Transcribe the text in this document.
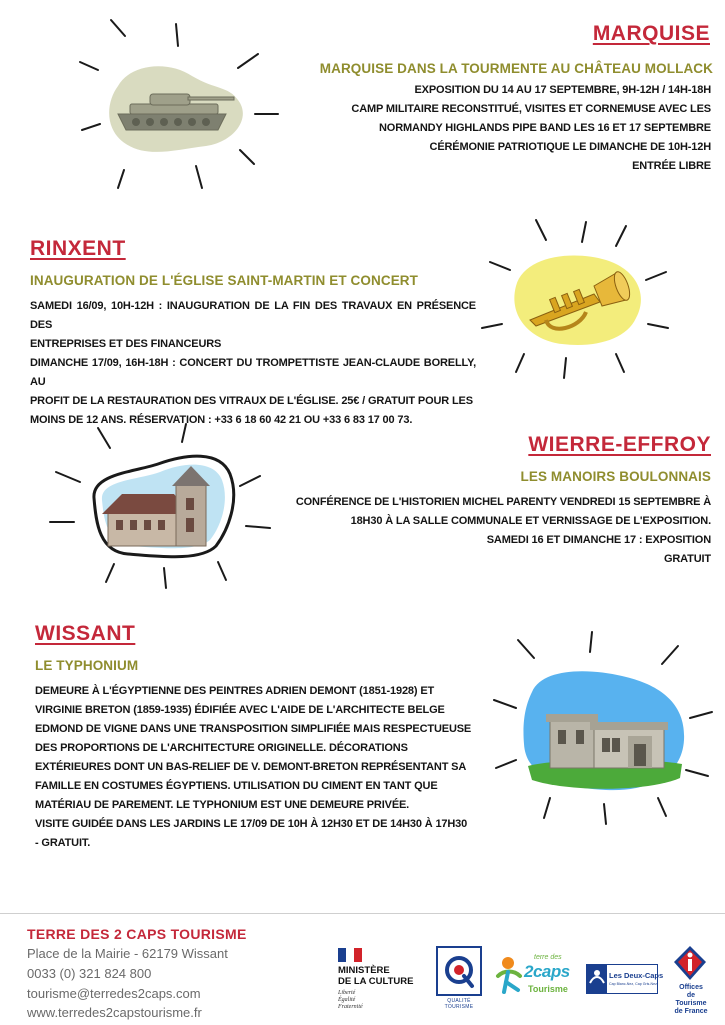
MARQUISE
MARQUISE DANS LA TOURMENTE AU CHÂTEAU MOLLACK

EXPOSITION DU 14 AU 17 SEPTEMBRE, 9H-12H / 14H-18H

CAMP MILITAIRE RECONSTITUÉ, VISITES ET CORNEMUSE AVEC LES

NORMANDY HIGHLANDS PIPE BAND LES 16 ET 17 SEPTEMBRE

CÉRÉMONIE PATRIOTIQUE LE DIMANCHE DE 10H-12H

ENTRÉE LIBRE

RINXENT
INAUGURATION DE L'ÉGLISE SAINT-MARTIN ET CONCERT

SAMEDI 16/09, 10H-12H : INAUGURATION DE LA FIN DES TRAVAUX EN PRÉSENCE DES

ENTREPRISES ET DES FINANCEURS

DIMANCHE 17/09, 16H-18H : CONCERT DU TROMPETTISTE JEAN-CLAUDE BORELLY, AU

PROFIT DE LA RESTAURATION DES VITRAUX DE L'ÉGLISE. 25€ / GRATUIT POUR LES

MOINS DE 12 ANS. RÉSERVATION : +33 6 18 60 42 21 OU +33 6 83 17 00 73.

WIERRE-EFFROY
LES MANOIRS BOULONNAIS

CONFÉRENCE DE L'HISTORIEN MICHEL PARENTY VENDREDI 15 SEPTEMBRE À

18H30 À LA SALLE COMMUNALE ET VERNISSAGE DE L'EXPOSITION.

SAMEDI 16 ET DIMANCHE 17 : EXPOSITION

GRATUIT

WISSANT
LE TYPHONIUM

DEMEURE À L'ÉGYPTIENNE DES PEINTRES ADRIEN DEMONT (1851-1928) ET

VIRGINIE BRETON (1859-1935) ÉDIFIÉE AVEC L'AIDE DE L'ARCHITECTE BELGE

EDMOND DE VIGNE DANS UNE TRANSPOSITION SIMPLIFIÉE MAIS RESPECTUEUSE

DES PROPORTIONS DE L'ARCHITECTURE ORIGINELLE. DÉCORATIONS

EXTÉRIEURES DONT UN BAS-RELIEF DE V. DEMONT-BRETON REPRÉSENTANT SA

FAMILLE EN COSTUMES ÉGYPTIENS. UTILISATION DU CIMENT EN TANT QUE

MATÉRIAU DE PAREMENT. LE TYPHONIUM EST UNE DEMEURE PRIVÉE.

VISITE GUIDÉE DANS LES JARDINS LE 17/09 DE 10H À 12H30 ET DE 14H30 À 17H30

- GRATUIT.

TERRE DES 2 CAPS TOURISME
Place de la Mairie - 62179 Wissant
0033 (0) 321 824 800
tourisme@terredes2caps.com
www.terredes2capstourisme.fr
MINISTÈRE
DE LA CULTURE
Liberté
Égalité
Fraternité
QUALITÉ
TOURISME
terre des
2caps
Tourisme
Les Deux-Caps
Cap Blanc-Nez, Cap Gris-Nez	Offices
de
Tourisme
de France
